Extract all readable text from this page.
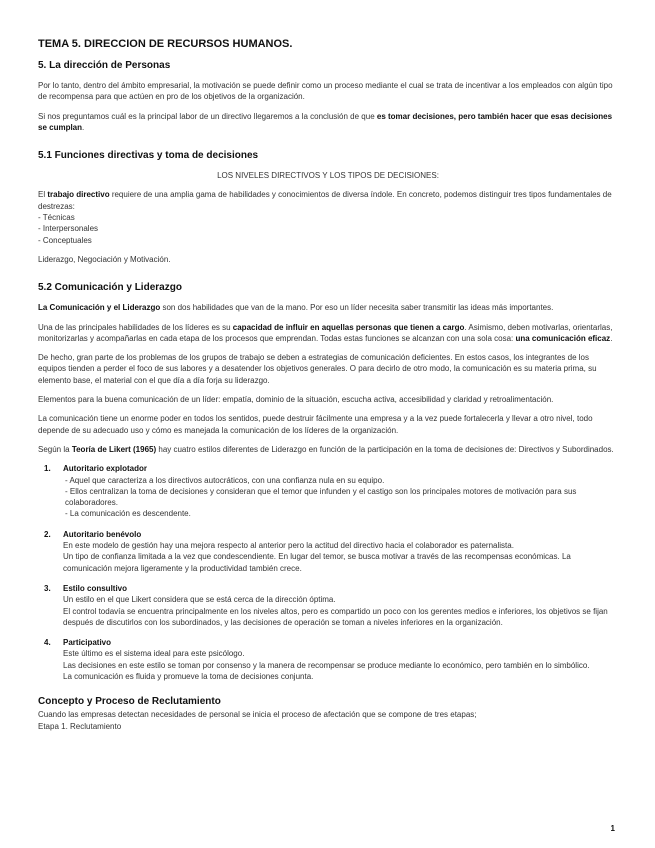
TEMA 5. DIRECCION DE RECURSOS HUMANOS.
5. La dirección de Personas

Por lo tanto, dentro del ámbito empresarial, la motivación se puede definir como un proceso mediante el cual se trata de incentivar a los empleados con algún tipo de recompensa para que actúen en pro de los objetivos de la organización.

Si nos preguntamos cuál es la principal labor de un directivo llegaremos a la conclusión de que es tomar decisiones, pero también hacer que esas decisiones se cumplan.

5.1 Funciones directivas y toma de decisiones

LOS NIVELES DIRECTIVOS Y LOS TIPOS DE DECISIONES:

El trabajo directivo requiere de una amplia gama de habilidades y conocimientos de diversa índole. En concreto, podemos distinguir tres tipos fundamentales de destrezas:

- Técnicas
- Interpersonales
- Conceptuales

Liderazgo, Negociación y Motivación.

5.2 Comunicación y Liderazgo

La Comunicación y el Liderazgo son dos habilidades que van de la mano. Por eso un líder necesita saber transmitir las ideas más importantes.

Una de las principales habilidades de los líderes es su capacidad de influir en aquellas personas que tienen a cargo. Asimismo, deben motivarlas, orientarlas, monitorizarlas y acompañarlas en cada etapa de los procesos que emprendan. Todas estas funciones se alcanzan con una sola cosa: una comunicación eficaz.

De hecho, gran parte de los problemas de los grupos de trabajo se deben a estrategias de comunicación deficientes. En estos casos, los integrantes de los equipos tienden a perder el foco de sus labores y a desatender los objetivos generales. O para decirlo de otro modo, la comunicación es su materia prima, su elemento base, el material con el que día a día forja su liderazgo.

Elementos para la buena comunicación de un líder: empatía, dominio de la situación, escucha activa, accesibilidad y claridad y retroalimentación.

La comunicación tiene un enorme poder en todos los sentidos, puede destruir fácilmente una empresa y a la vez puede fortalecerla y llevar a otro nivel, todo depende de su adecuado uso y cómo es manejada la comunicación de los líderes de la organización.

Según la Teoría de Likert (1965) hay cuatro estilos diferentes de Liderazgo en función de la participación en la toma de decisiones de: Directivos y Subordinados.

1. Autoritario explotador
- Aquel que caracteriza a los directivos autocráticos, con una confianza nula en su equipo.
- Ellos centralizan la toma de decisiones y consideran que el temor que infunden y el castigo son los principales motores de motivación para sus colaboradores.
- La comunicación es descendente.
2. Autoritario benévolo
En este modelo de gestión hay una mejora respecto al anterior pero la actitud del directivo hacia el colaborador es paternalista.
Un tipo de confianza limitada a la vez que condescendiente. En lugar del temor, se busca motivar a través de las recompensas económicas. La comunicación mejora ligeramente y la productividad también crece.
3. Estilo consultivo
Un estilo en el que Likert considera que se está cerca de la dirección óptima.
El control todavía se encuentra principalmente en los niveles altos, pero es compartido un poco con los gerentes medios e inferiores, los objetivos se fijan después de discutirlos con los subordinados, y las decisiones de operación se toman a niveles inferiores en la organización.
4. Participativo
Este último es el sistema ideal para este psicólogo.
Las decisiones en este estilo se toman por consenso y la manera de recompensar se produce mediante lo económico, pero también en lo simbólico.
La comunicación es fluida y promueve la toma de decisiones conjunta.
Concepto y Proceso de Reclutamiento
Cuando las empresas detectan necesidades de personal se inicia el proceso de afectación que se compone de tres etapas;
Etapa 1. Reclutamiento
1
